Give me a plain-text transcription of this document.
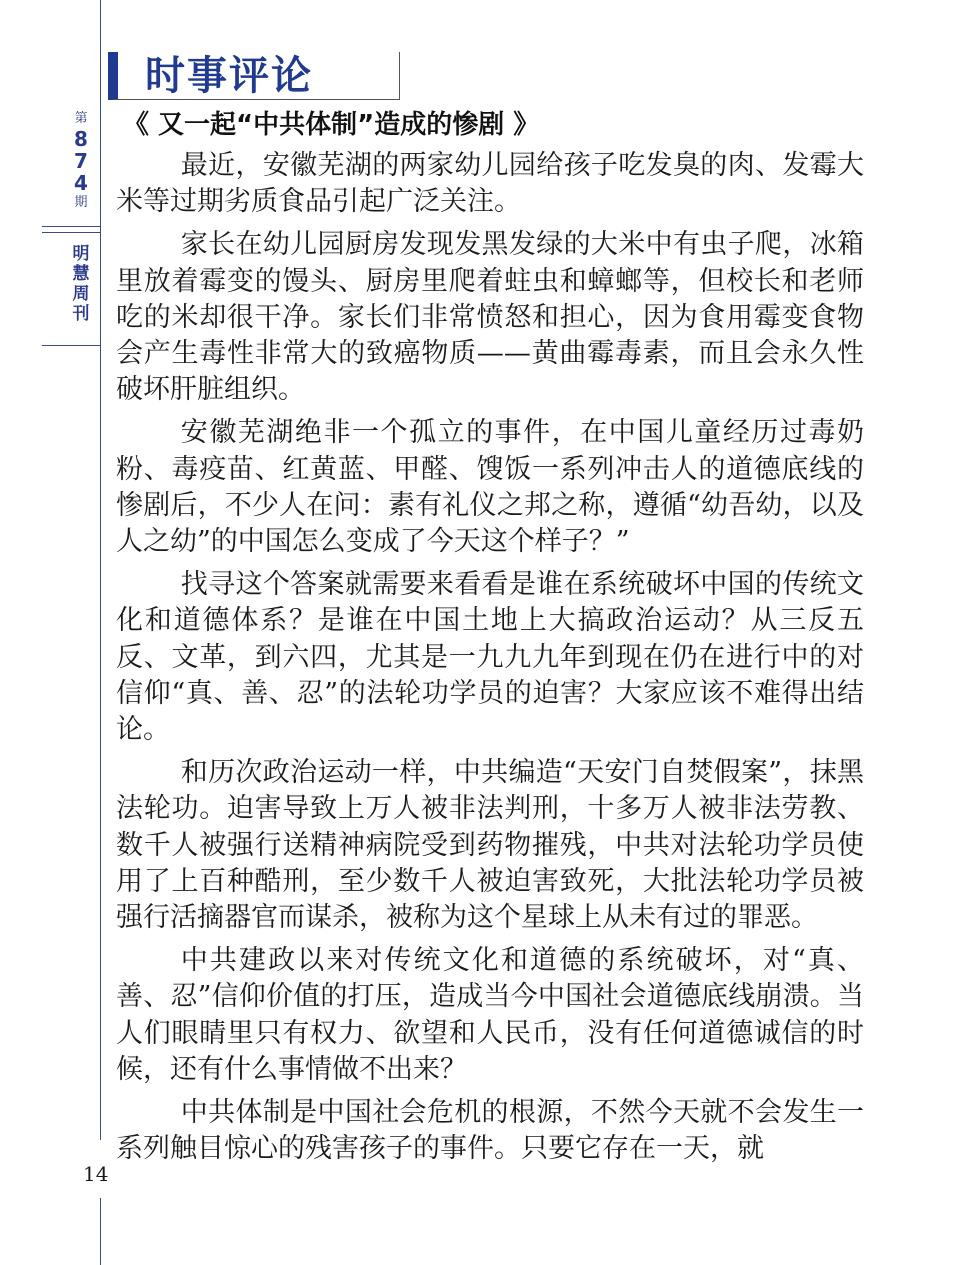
第
8
7
4
期
明
慧
周
刊
时事评论
《 又一起“中共体制”造成的惨剧 》

最近，安徽芜湖的两家幼儿园给孩子吃发臭的肉、发霉大米等过期劣质食品引起广泛关注。

家长在幼儿园厨房发现发黑发绿的大米中有虫子爬，冰箱里放着霉变的馒头、厨房里爬着蛀虫和蟑螂等，但校长和老师吃的米却很干净。家长们非常愤怒和担心，因为食用霉变食物会产生毒性非常大的致癌物质——黄曲霉毒素，而且会永久性破坏肝脏组织。

安徽芜湖绝非一个孤立的事件，在中国儿童经历过毒奶粉、毒疫苗、红黄蓝、甲醛、馊饭一系列冲击人的道德底线的惨剧后，不少人在问：素有礼仪之邦之称，遵循“幼吾幼，以及人之幼”的中国怎么变成了今天这个样子？”

找寻这个答案就需要来看看是谁在系统破坏中国的传统文化和道德体系？是谁在中国土地上大搞政治运动？从三反五反、文革，到六四，尤其是一九九九年到现在仍在进行中的对信仰“真、善、忍”的法轮功学员的迫害？大家应该不难得出结论。

和历次政治运动一样，中共编造“天安门自焚假案”，抹黑法轮功。迫害导致上万人被非法判刑，十多万人被非法劳教、数千人被强行送精神病院受到药物摧残，中共对法轮功学员使用了上百种酷刑，至少数千人被迫害致死，大批法轮功学员被强行活摘器官而谋杀，被称为这个星球上从未有过的罪恶。

中共建政以来对传统文化和道德的系统破坏，对“真、善、忍”信仰价值的打压，造成当今中国社会道德底线崩溃。当人们眼睛里只有权力、欲望和人民币，没有任何道德诚信的时候，还有什么事情做不出来？

中共体制是中国社会危机的根源，不然今天就不会发生一系列触目惊心的残害孩子的事件。只要它存在一天，就

14
